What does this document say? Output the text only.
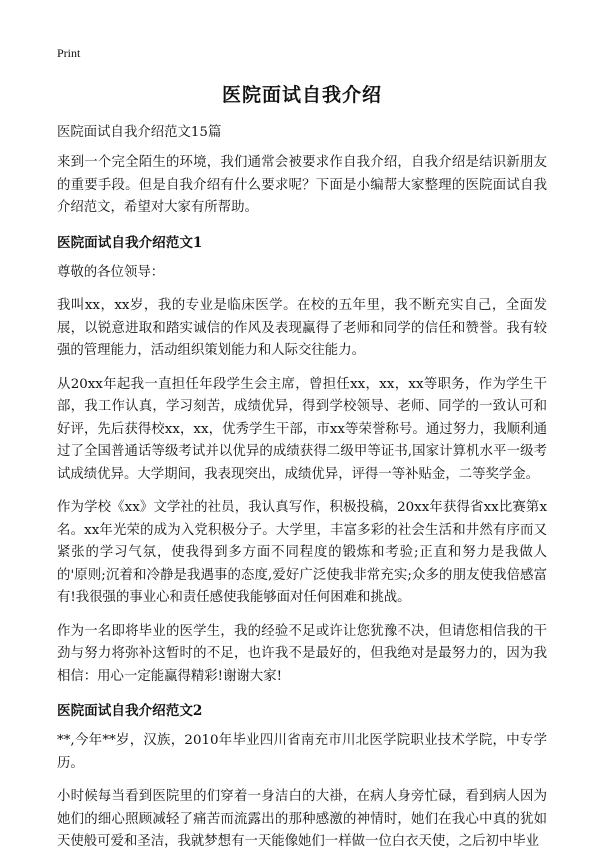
Print
医院面试自我介绍
医院面试自我介绍范文15篇

来到一个完全陌生的环境，我们通常会被要求作自我介绍，自我介绍是结识新朋友的重要手段。但是自我介绍有什么要求呢？下面是小编帮大家整理的医院面试自我介绍范文，希望对大家有所帮助。

医院面试自我介绍范文1

尊敬的各位领导：

我叫xx，xx岁，我的专业是临床医学。在校的五年里，我不断充实自己，全面发展，以锐意进取和踏实诚信的作风及表现赢得了老师和同学的信任和赞誉。我有较强的管理能力，活动组织策划能力和人际交往能力。

从20xx年起我一直担任年段学生会主席，曾担任xx，xx，xx等职务，作为学生干部，我工作认真，学习刻苦，成绩优异，得到学校领导、老师、同学的一致认可和好评，先后获得校xx，xx，优秀学生干部，市xx等荣誉称号。通过努力，我顺利通过了全国普通话等级考试并以优异的成绩获得二级甲等证书,国家计算机水平一级考试成绩优异。大学期间，我表现突出，成绩优异，评得一等补贴金，二等奖学金。

作为学校《xx》文学社的社员，我认真写作，积极投稿，20xx年获得省xx比赛第x名。xx年光荣的成为入党积极分子。大学里，丰富多彩的社会生活和井然有序而又紧张的学习气氛，使我得到多方面不同程度的锻炼和考验;正直和努力是我做人的'原则;沉着和冷静是我遇事的态度,爱好广泛使我非常充实;众多的朋友使我倍感富有!我很强的事业心和责任感使我能够面对任何困难和挑战。

作为一名即将毕业的医学生，我的经验不足或许让您犹豫不决，但请您相信我的干劲与努力将弥补这暂时的不足，也许我不是最好的，但我绝对是最努力的，因为我相信：用心一定能赢得精彩!谢谢大家!

医院面试自我介绍范文2

**,今年**岁，汉族，2010年毕业四川省南充市川北医学院职业技术学院，中专学历。

小时候每当看到医院里的们穿着一身洁白的大褂，在病人身旁忙碌，看到病人因为她们的细心照顾减轻了痛苦而流露出的那种感激的神情时，她们在我心中真的犹如天使般可爱和圣洁，我就梦想有一天能像她们一样做一位白衣天使，之后初中毕业
